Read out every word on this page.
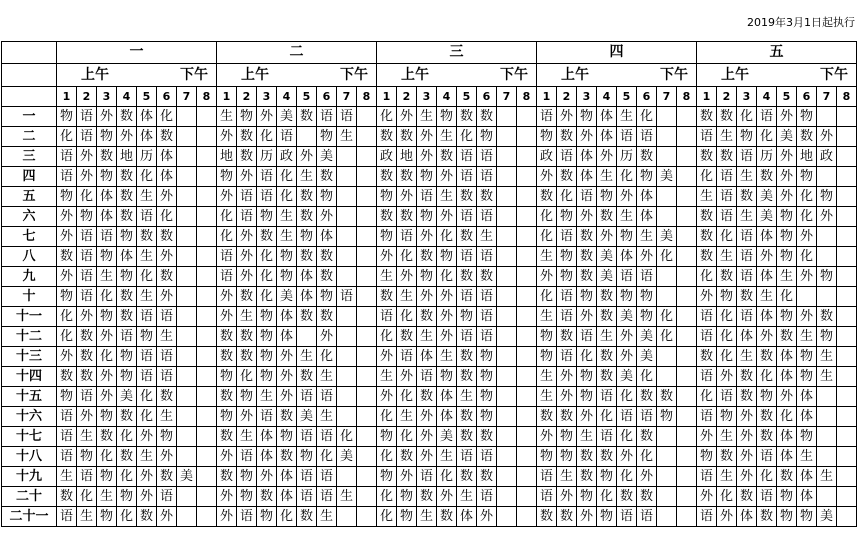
2019年3月1日起执行
	一								二								三								四								五							
	上午				下午				上午				下午				上午				下午				上午				下午				上午				下午			
	1	2	3	4	5	6	7	8	1	2	3	4	5	6	7	8	1	2	3	4	5	6	7	8	1	2	3	4	5	6	7	8	1	2	3	4	5	6	7	8
一	物	语	外	数	体	化			生	物	外	美	数	语	语		化	外	生	物	数	数			语	外	物	体	生	化			数	数	化	语	外	物		
二	化	语	物	外	体	数			外	数	化	语		物	生		数	数	外	生	化	物			物	数	外	体	语	语			语	生	物	化	美	数	外	
三	语	外	数	地	历	体			地	数	历	政	外	美			政	地	外	数	语	语			政	语	体	外	历	数			数	数	语	历	外	地	政	
四	语	外	物	数	化	体			物	外	语	化	生	数			数	数	物	外	语	语			外	数	体	生	化	物	美		化	语	生	数	外	物		
五	物	化	体	数	生	外			外	语	语	化	数	物			物	外	语	生	数	数			数	化	语	物	外	体			生	语	数	美	外	化	物	
六	外	物	体	数	语	化			化	语	物	生	数	外			数	数	物	外	语	语			化	物	外	数	生	体			数	语	生	美	物	化	外	
七	外	语	语	物	数	数			化	外	数	生	物	体			物	语	外	化	数	生			化	语	数	外	物	生	美		数	化	语	体	物	外		
八	数	语	物	体	生	外			语	外	化	物	数	数			外	化	数	物	语	语			生	物	数	美	体	外	化		数	生	语	外	物	化		
九	外	语	生	物	化	数			语	外	化	物	体	数			生	外	物	化	数	数			外	物	数	美	语	语			化	数	语	体	生	外	物	
十	物	语	化	数	生	外			外	数	化	美	体	物	语		数	生	外	外	语	语			化	语	物	数	物	物			外	物	数	生	化			
十一	化	外	物	数	语	语			外	生	物	体	数	数			语	化	数	外	物	语			生	语	外	数	美	物	化		语	化	语	体	物	外	数	
十二	化	数	外	语	物	生			数	数	物	体		外			化	数	生	外	语	语			物	数	语	生	外	美	化		语	化	体	外	数	生	物	
十三	外	数	化	物	语	语			数	数	物	外	生	化			外	语	体	生	数	物			物	语	化	数	外	美			数	化	生	数	体	物	生	
十四	数	数	外	物	语	语			物	化	物	外	数	生			生	外	语	物	数	物			生	外	物	数	美	化			语	外	数	化	体	物	生	
十五	物	语	外	美	化	数			数	物	生	外	语	语			外	化	数	体	生	物			生	外	物	语	化	数	数		化	语	数	物	外	体		
十六	语	外	物	数	化	生			物	外	语	数	美	生			化	生	外	体	数	物			数	数	外	化	语	语	物		语	物	外	数	化	体		
十七	语	生	数	化	外	物			数	生	体	物	语	语	化		物	化	外	美	数	数			外	物	生	语	化	数			外	生	外	数	体	物		
十八	语	物	化	数	生	外			外	语	体	数	物	化	美		化	数	外	生	语	语			物	物	数	数	外	化			物	数	外	语	体	生		
十九	生	语	物	化	外	数	美		数	物	外	体	语	语			物	外	语	化	数	数			语	生	数	物	化	外			语	生	外	化	数	体	生	
二十	数	化	生	物	外	语			外	物	数	体	语	语	生		化	物	数	外	生	语			语	外	物	化	数	数			外	化	数	语	物	体		
二十一	语	生	物	化	数	外			外	语	物	化	数	生			化	物	生	数	体	外			数	数	外	物	语	语			语	外	体	数	物	物	美	
